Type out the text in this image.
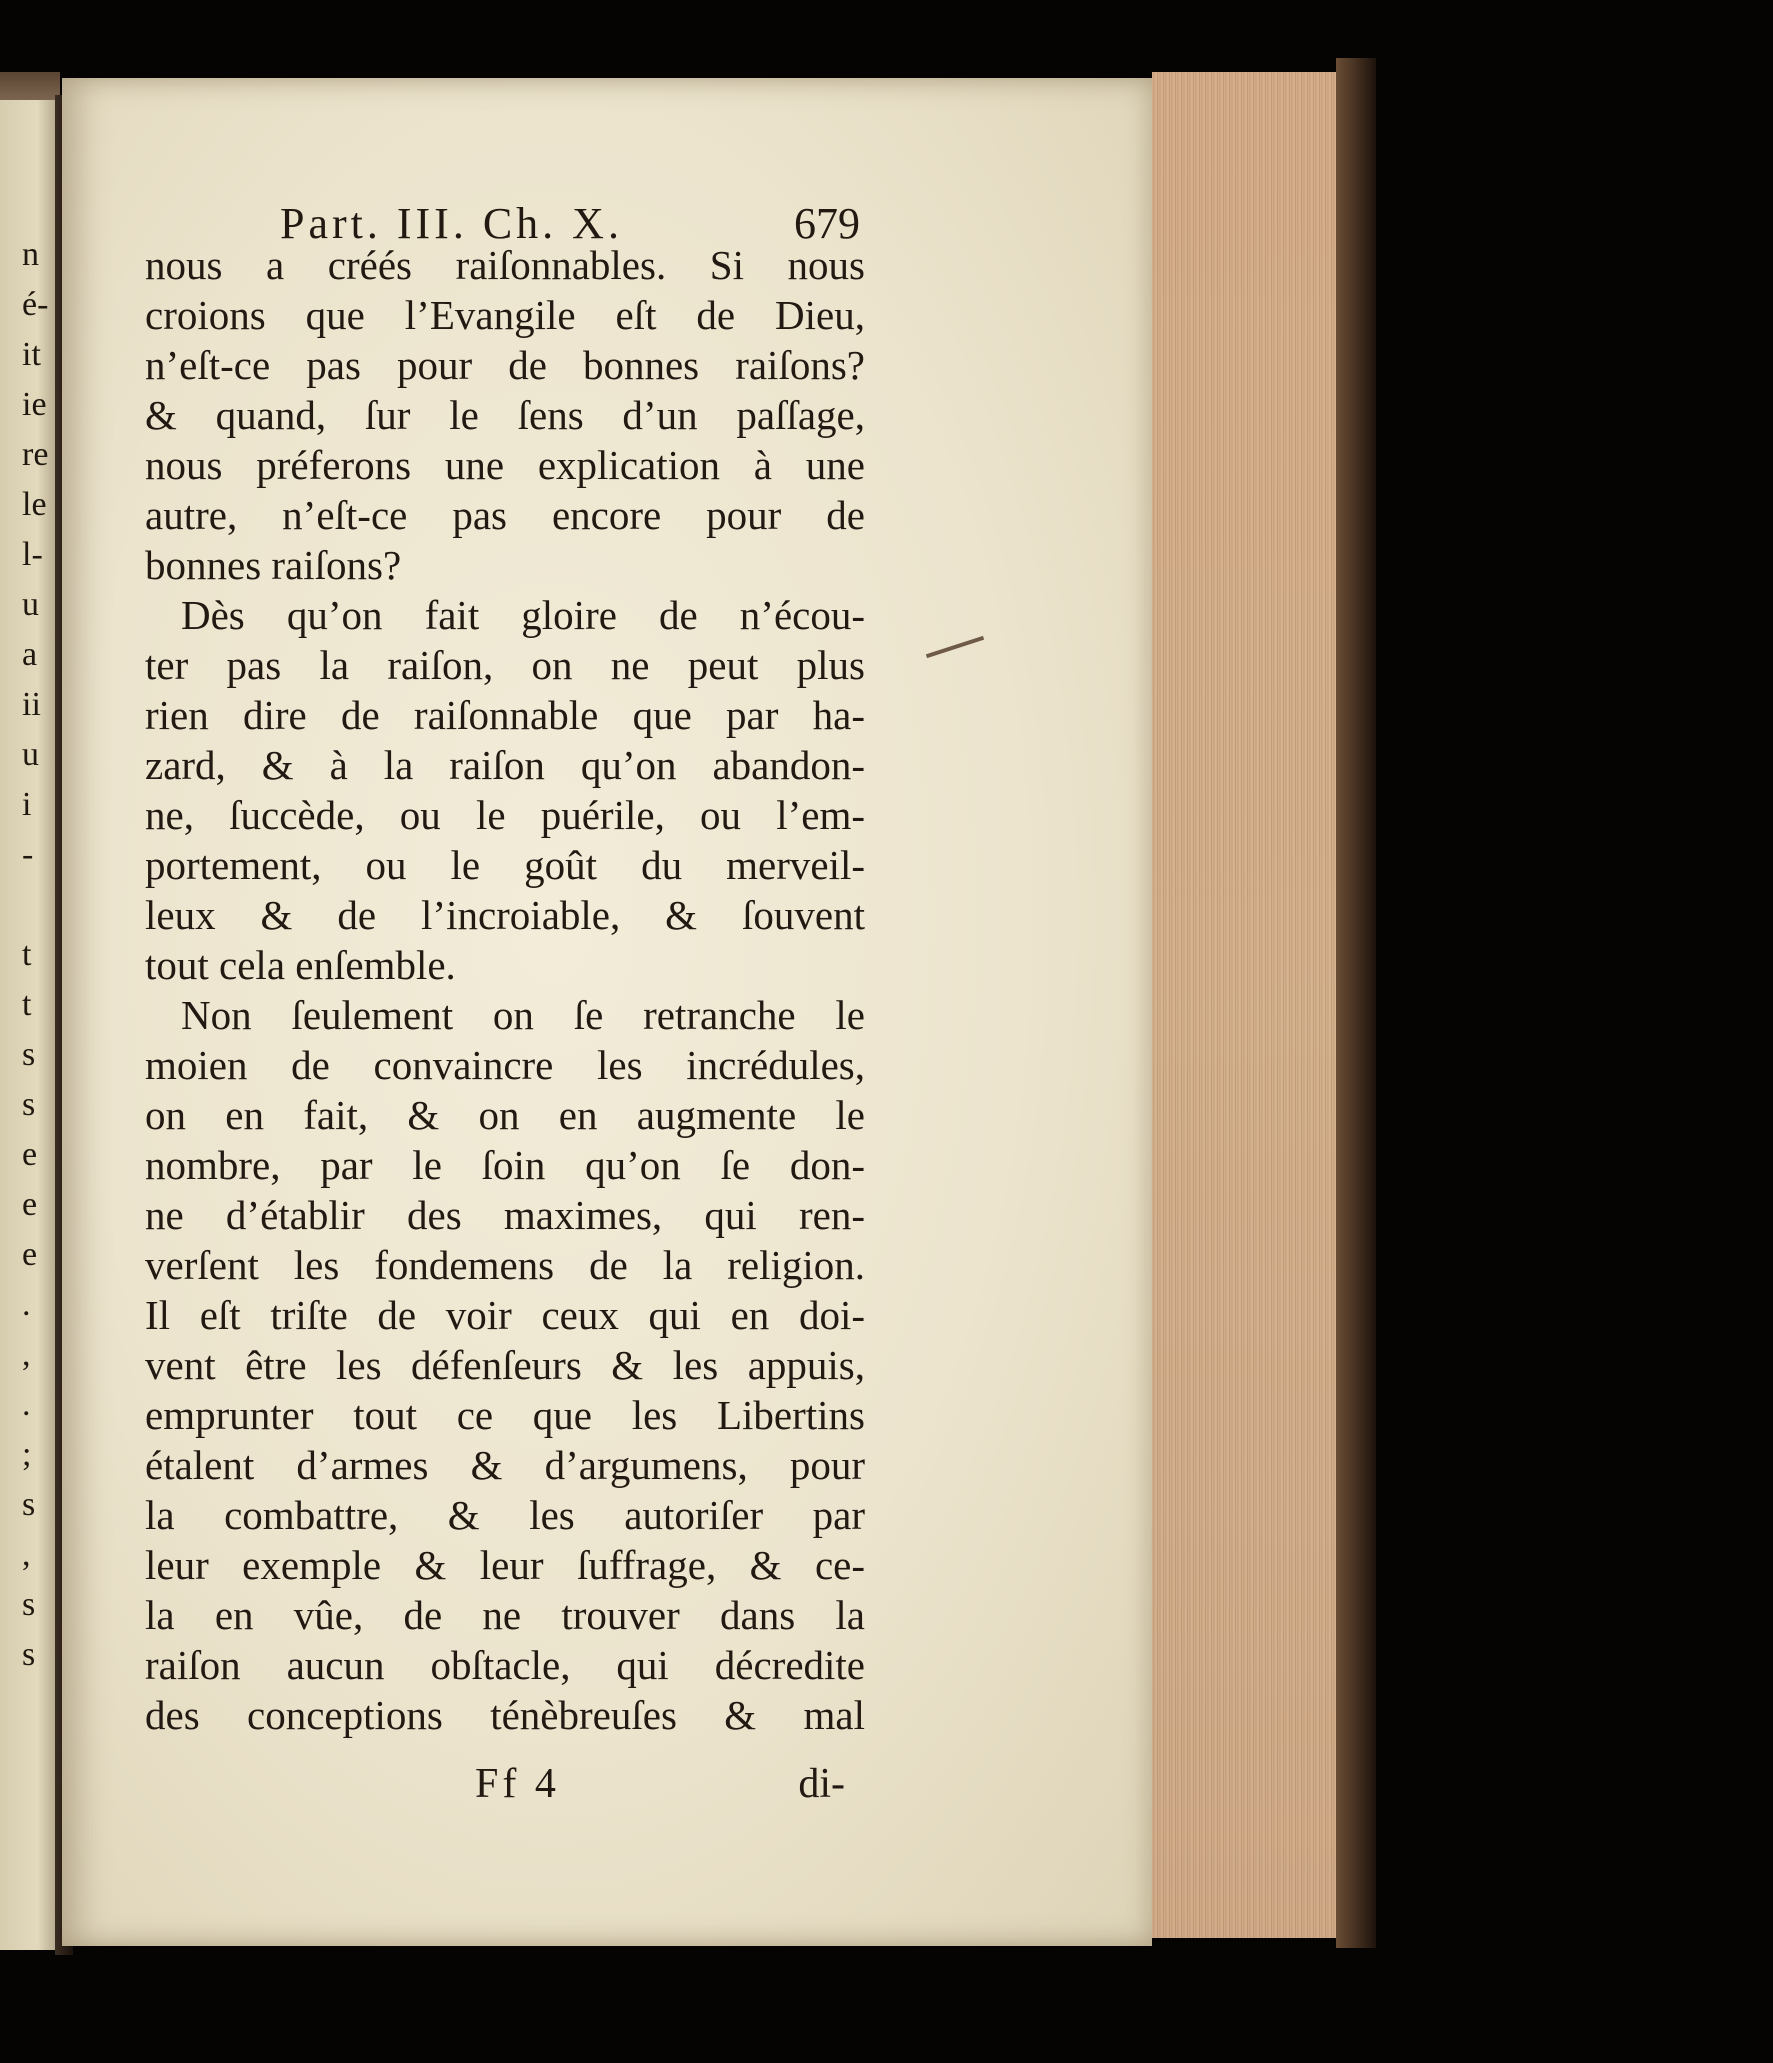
n
é-
it
ie
re
le
l-
u
a
ii
u
i
-
t
t
s
s
e
e
e
.
,
.
;
s
,
s
s
Part. III. Ch. X.	679
nous a créés raiſonnables. Si nous
croions que l’Evangile eſt de Dieu,
n’eſt-ce pas pour de bonnes raiſons?
& quand, ſur le ſens d’un paſſage,
nous préferons une explication à une
autre, n’eſt-ce pas encore pour de
bonnes raiſons?
Dès qu’on fait gloire de n’écou-
ter pas la raiſon, on ne peut plus
rien dire de raiſonnable que par ha-
zard, & à la raiſon qu’on abandon-
ne, ſuccède, ou le puérile, ou l’em-
portement, ou le goût du merveil-
leux & de l’incroiable, & ſouvent
tout cela enſemble.
Non ſeulement on ſe retranche le
moien de convaincre les incrédules,
on en fait, & on en augmente le
nombre, par le ſoin qu’on ſe don-
ne d’établir des maximes, qui ren-
verſent les fondemens de la religion.
Il eſt triſte de voir ceux qui en doi-
vent être les défenſeurs & les appuis,
emprunter tout ce que les Libertins
étalent d’armes & d’argumens, pour
la combattre, & les autoriſer par
leur exemple & leur ſuffrage, & ce-
la en vûe, de ne trouver dans la
raiſon aucun obſtacle, qui décredite
des conceptions ténèbreuſes & mal
Ff 4	di-
